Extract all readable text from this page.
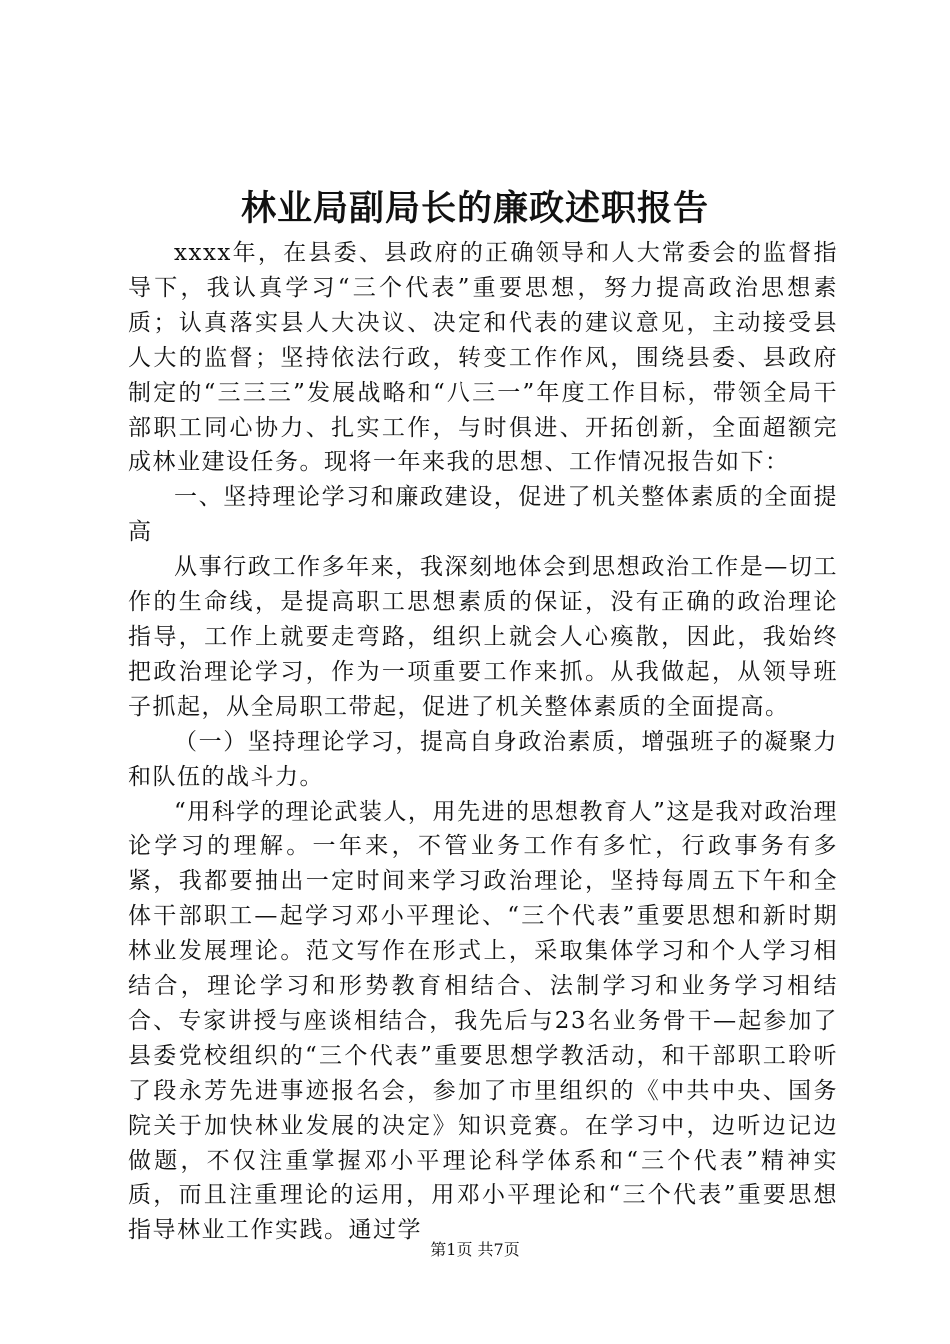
林业局副局长的廉政述职报告

xxxx年，在县委、县政府的正确领导和人大常委会的监督指导下，我认真学习“三个代表”重要思想，努力提高政治思想素质；认真落实县人大决议、决定和代表的建议意见，主动接受县人大的监督；坚持依法行政，转变工作作风，围绕县委、县政府制定的“三三三”发展战略和“八三一”年度工作目标，带领全局干部职工同心协力、扎实工作，与时俱进、开拓创新，全面超额完成林业建设任务。现将一年来我的思想、工作情况报告如下：

一、坚持理论学习和廉政建设，促进了机关整体素质的全面提高

从事行政工作多年来，我深刻地体会到思想政治工作是—切工作的生命线，是提高职工思想素质的保证，没有正确的政治理论指导，工作上就要走弯路，组织上就会人心瘓散，因此，我始终把政治理论学习，作为一项重要工作来抓。从我做起，从领导班子抓起，从全局职工带起，促进了机关整体素质的全面提高。

（一）坚持理论学习，提高自身政治素质，增强班子的凝聚力和队伍的战斗力。

“用科学的理论武装人，用先进的思想教育人”这是我对政治理论学习的理解。一年来，不管业务工作有多忙，行政事务有多紧，我都要抽出一定时间来学习政治理论，坚持每周五下午和全体干部职工—起学习邓小平理论、“三个代表”重要思想和新时期林业发展理论。范文写作在形式上，采取集体学习和个人学习相结合，理论学习和形势教育相结合、法制学习和业务学习相结合、专家讲授与座谈相结合，我先后与23名业务骨干—起参加了县委党校组织的“三个代表”重要思想学教活动，和干部职工聆听了段永芳先进事迹报名会，参加了市里组织的《中共中央、国务院关于加快林业发展的决定》知识竞赛。在学习中，边听边记边做题，不仅注重掌握邓小平理论科学体系和“三个代表”精神实质，而且注重理论的运用，用邓小平理论和“三个代表”重要思想指导林业工作实践。通过学

第1页 共7页
